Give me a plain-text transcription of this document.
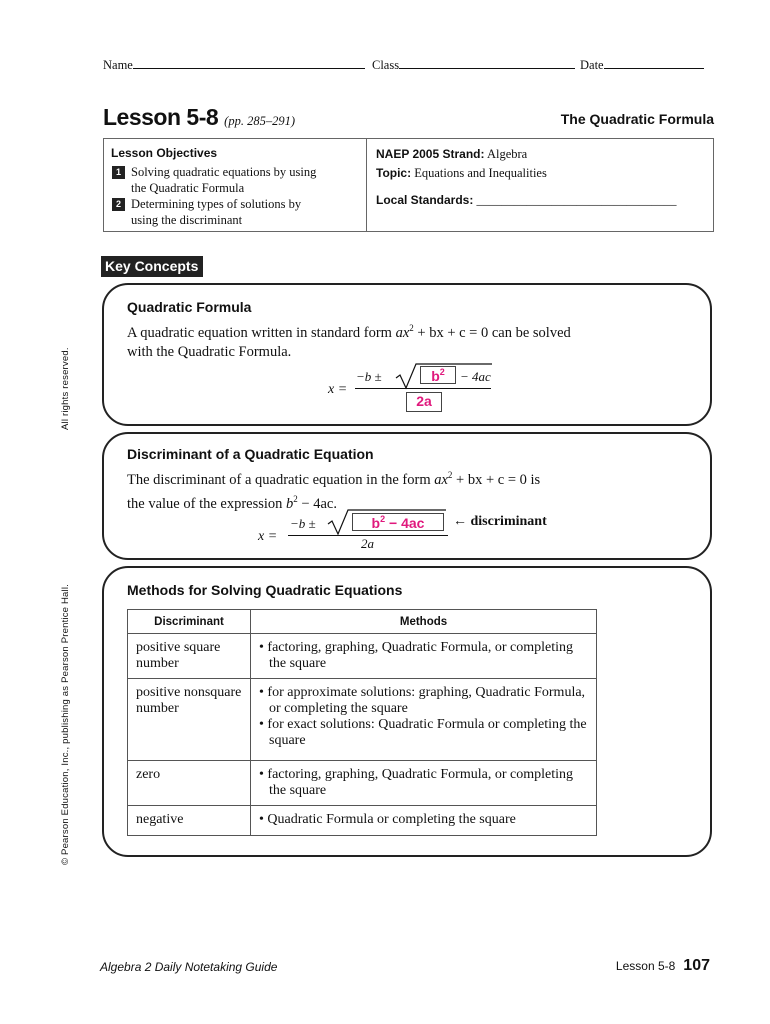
© Pearson Education, Inc., publishing as Pearson Prentice Hall.
All rights reserved.
Name	Class	Date
Lesson 5-8 (pp. 285–291)	The Quadratic Formula
Lesson Objectives
1 Solving quadratic equations by using the Quadratic Formula
2 Determining types of solutions by using the discriminant
NAEP 2005 Strand: Algebra
Topic: Equations and Inequalities
Local Standards: ________________________________
Key Concepts
Quadratic Formula
A quadratic equation written in standard form $ax^2$ + bx + c = 0 can be solved
with the Quadratic Formula.
x =
−b ±	$b^2$	− 4ac
2a
Discriminant of a Quadratic Equation
The discriminant of a quadratic equation in the form $ax^2$ + bx + c = 0 is
the value of the expression $b^2 - 4ac$.
x =
−b ±	$b^2 - 4ac$
2a
← discriminant
Methods for Solving Quadratic Equations
Discriminant	Methods
positive square number	• factoring, graphing, Quadratic Formula, or completing the square

positive nonsquare number	• for approximate solutions: graphing, Quadratic Formula, or completing the square
• for exact solutions: Quadratic Formula or completing the square

zero	• factoring, graphing, Quadratic Formula, or completing the square

negative	• Quadratic Formula or completing the square
Algebra 2 Daily Notetaking Guide	Lesson 5-8 107
